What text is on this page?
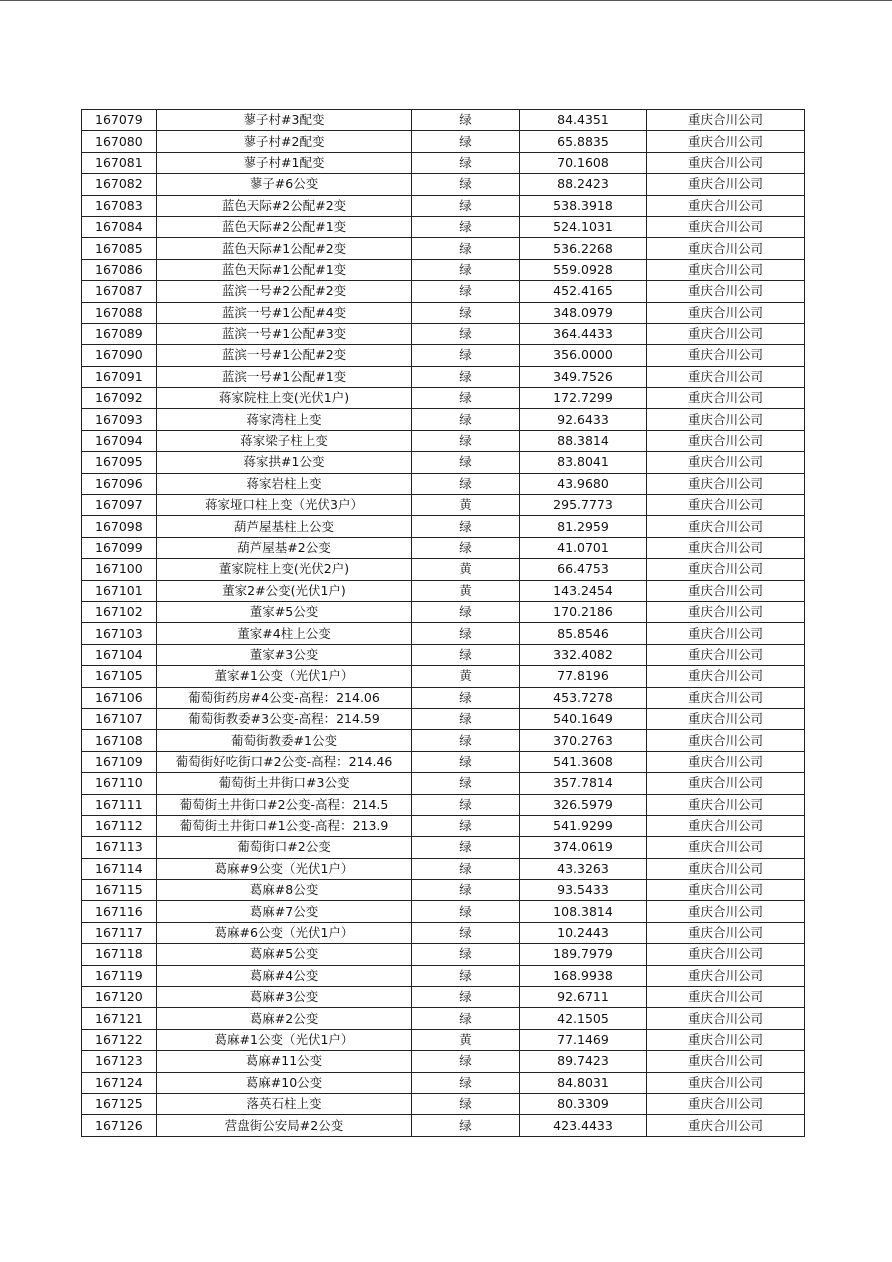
167079	蓼子村#3配变	绿	84.4351	重庆合川公司
167080	蓼子村#2配变	绿	65.8835	重庆合川公司
167081	蓼子村#1配变	绿	70.1608	重庆合川公司
167082	蓼子#6公变	绿	88.2423	重庆合川公司
167083	蓝色天际#2公配#2变	绿	538.3918	重庆合川公司
167084	蓝色天际#2公配#1变	绿	524.1031	重庆合川公司
167085	蓝色天际#1公配#2变	绿	536.2268	重庆合川公司
167086	蓝色天际#1公配#1变	绿	559.0928	重庆合川公司
167087	蓝滨一号#2公配#2变	绿	452.4165	重庆合川公司
167088	蓝滨一号#1公配#4变	绿	348.0979	重庆合川公司
167089	蓝滨一号#1公配#3变	绿	364.4433	重庆合川公司
167090	蓝滨一号#1公配#2变	绿	356.0000	重庆合川公司
167091	蓝滨一号#1公配#1变	绿	349.7526	重庆合川公司
167092	蒋家院柱上变(光伏1户)	绿	172.7299	重庆合川公司
167093	蒋家湾柱上变	绿	92.6433	重庆合川公司
167094	蒋家梁子柱上变	绿	88.3814	重庆合川公司
167095	蒋家拱#1公变	绿	83.8041	重庆合川公司
167096	蒋家岩柱上变	绿	43.9680	重庆合川公司
167097	蒋家垭口柱上变（光伏3户）	黄	295.7773	重庆合川公司
167098	葫芦屋基柱上公变	绿	81.2959	重庆合川公司
167099	葫芦屋基#2公变	绿	41.0701	重庆合川公司
167100	董家院柱上变(光伏2户)	黄	66.4753	重庆合川公司
167101	董家2#公变(光伏1户)	黄	143.2454	重庆合川公司
167102	董家#5公变	绿	170.2186	重庆合川公司
167103	董家#4柱上公变	绿	85.8546	重庆合川公司
167104	董家#3公变	绿	332.4082	重庆合川公司
167105	董家#1公变（光伏1户）	黄	77.8196	重庆合川公司
167106	葡萄街药房#4公变-高程：214.06	绿	453.7278	重庆合川公司
167107	葡萄街教委#3公变-高程：214.59	绿	540.1649	重庆合川公司
167108	葡萄街教委#1公变	绿	370.2763	重庆合川公司
167109	葡萄街好吃街口#2公变-高程：214.46	绿	541.3608	重庆合川公司
167110	葡萄街土井街口#3公变	绿	357.7814	重庆合川公司
167111	葡萄街土井街口#2公变-高程：214.5	绿	326.5979	重庆合川公司
167112	葡萄街土井街口#1公变-高程：213.9	绿	541.9299	重庆合川公司
167113	葡萄街口#2公变	绿	374.0619	重庆合川公司
167114	葛麻#9公变（光伏1户）	绿	43.3263	重庆合川公司
167115	葛麻#8公变	绿	93.5433	重庆合川公司
167116	葛麻#7公变	绿	108.3814	重庆合川公司
167117	葛麻#6公变（光伏1户）	绿	10.2443	重庆合川公司
167118	葛麻#5公变	绿	189.7979	重庆合川公司
167119	葛麻#4公变	绿	168.9938	重庆合川公司
167120	葛麻#3公变	绿	92.6711	重庆合川公司
167121	葛麻#2公变	绿	42.1505	重庆合川公司
167122	葛麻#1公变（光伏1户）	黄	77.1469	重庆合川公司
167123	葛麻#11公变	绿	89.7423	重庆合川公司
167124	葛麻#10公变	绿	84.8031	重庆合川公司
167125	落英石柱上变	绿	80.3309	重庆合川公司
167126	营盘街公安局#2公变	绿	423.4433	重庆合川公司
